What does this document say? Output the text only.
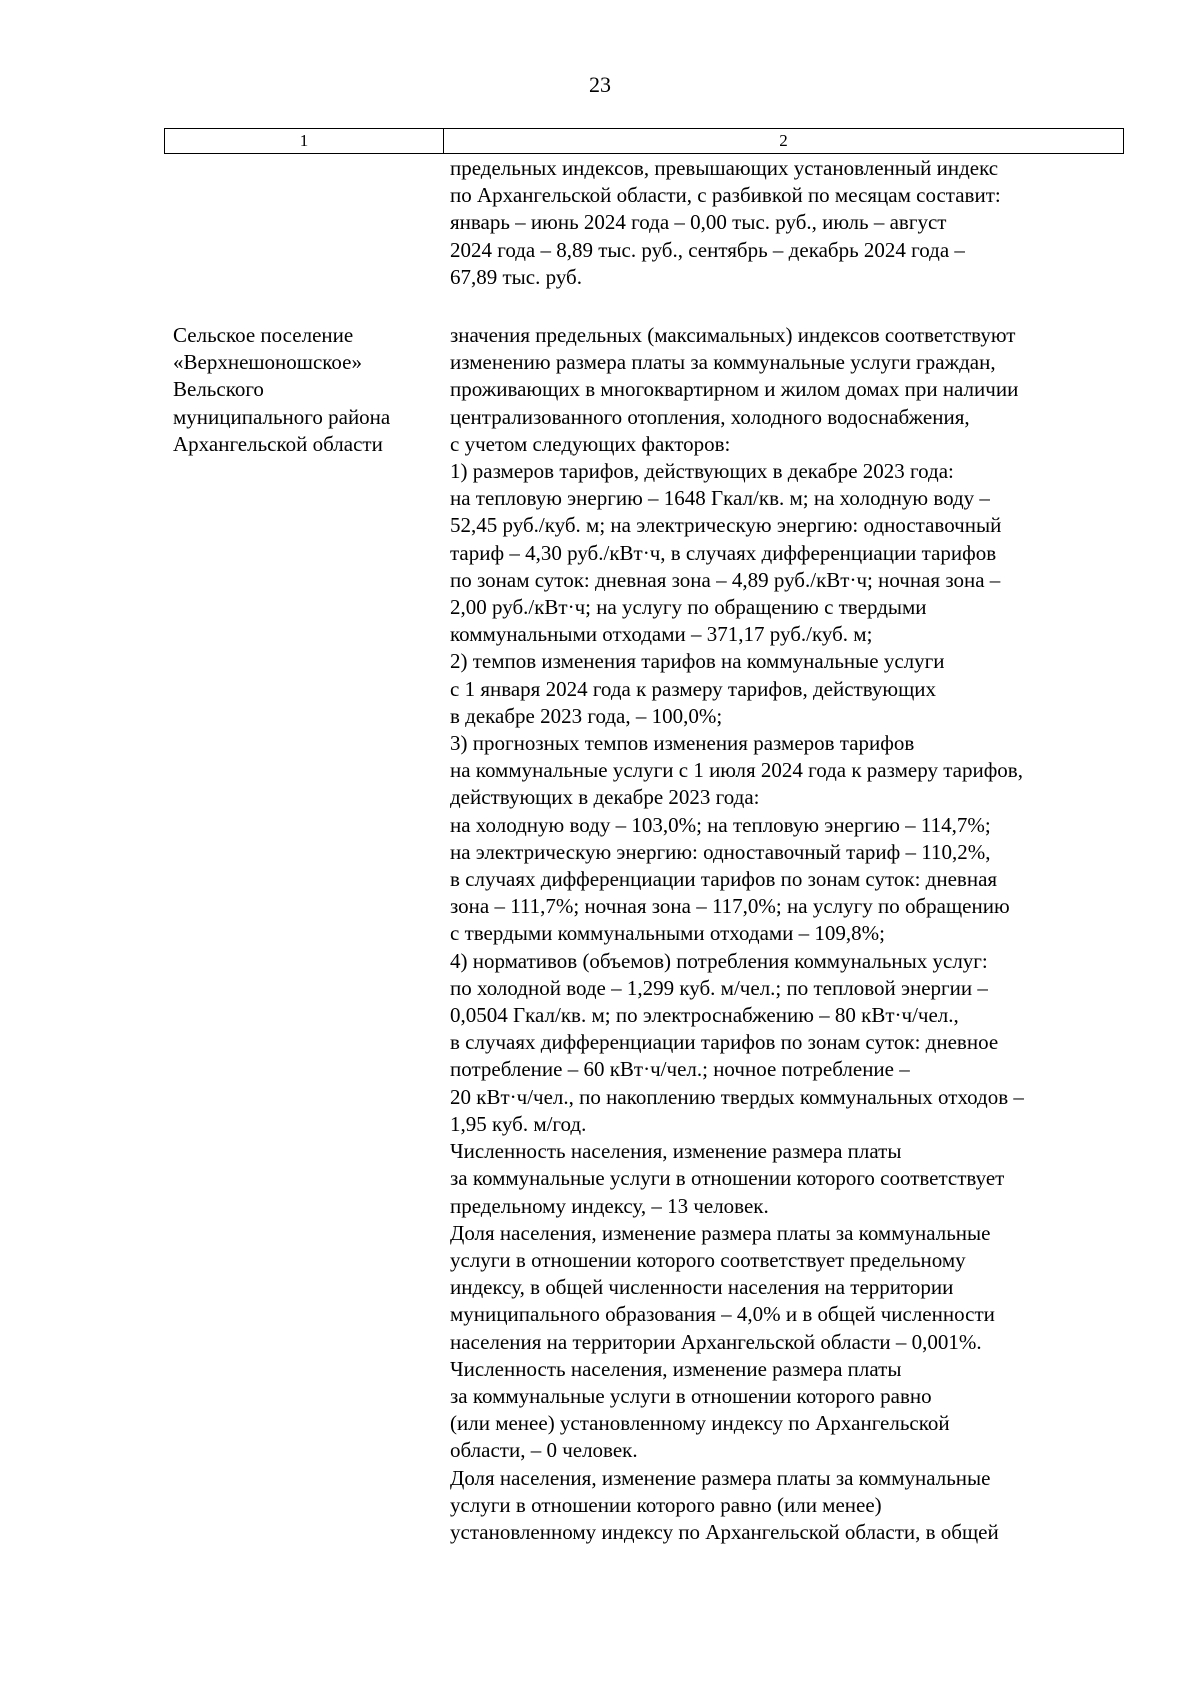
23
1	2
предельных индексов, превышающих установленный индекс
по Архангельской области, с разбивкой по месяцам составит:
январь – июнь 2024 года – 0,00 тыс. руб., июль – август
2024 года – 8,89 тыс. руб., сентябрь – декабрь 2024 года –
67,89 тыс. руб.
Сельское поселение
«Верхнешоношское»
Вельского
муниципального района
Архангельской области
значения предельных (максимальных) индексов соответствуют
изменению размера платы за коммунальные услуги граждан,
проживающих в многоквартирном и жилом домах при наличии
централизованного отопления, холодного водоснабжения,
с учетом следующих факторов:
1) размеров тарифов, действующих в декабре 2023 года:
на тепловую энергию – 1648 Гкал/кв. м; на холодную воду –
52,45 руб./куб. м; на электрическую энергию: одноставочный
тариф – 4,30 руб./кВт·ч, в случаях дифференциации тарифов
по зонам суток: дневная зона – 4,89 руб./кВт·ч; ночная зона –
2,00 руб./кВт·ч; на услугу по обращению с твердыми
коммунальными отходами – 371,17 руб./куб. м;
2) темпов изменения тарифов на коммунальные услуги
с 1 января 2024 года к размеру тарифов, действующих
в декабре 2023 года, – 100,0%;
3) прогнозных темпов изменения размеров тарифов
на коммунальные услуги с 1 июля 2024 года к размеру тарифов,
действующих в декабре 2023 года:
на холодную воду – 103,0%; на тепловую энергию – 114,7%;
на электрическую энергию: одноставочный тариф – 110,2%,
в случаях дифференциации тарифов по зонам суток: дневная
зона – 111,7%; ночная зона – 117,0%; на услугу по обращению
с твердыми коммунальными отходами – 109,8%;
4) нормативов (объемов) потребления коммунальных услуг:
по холодной воде – 1,299 куб. м/чел.; по тепловой энергии –
0,0504 Гкал/кв. м; по электроснабжению – 80 кВт·ч/чел.,
в случаях дифференциации тарифов по зонам суток: дневное
потребление – 60 кВт·ч/чел.; ночное потребление –
20 кВт·ч/чел., по накоплению твердых коммунальных отходов –
1,95 куб. м/год.
Численность населения, изменение размера платы
за коммунальные услуги в отношении которого соответствует
предельному индексу, – 13 человек.
Доля населения, изменение размера платы за коммунальные
услуги в отношении которого соответствует предельному
индексу, в общей численности населения на территории
муниципального образования – 4,0% и в общей численности
населения на территории Архангельской области – 0,001%.
Численность населения, изменение размера платы
за коммунальные услуги в отношении которого равно
(или менее) установленному индексу по Архангельской
области, – 0 человек.
Доля населения, изменение размера платы за коммунальные
услуги в отношении которого равно (или менее)
установленному индексу по Архангельской области, в общей
